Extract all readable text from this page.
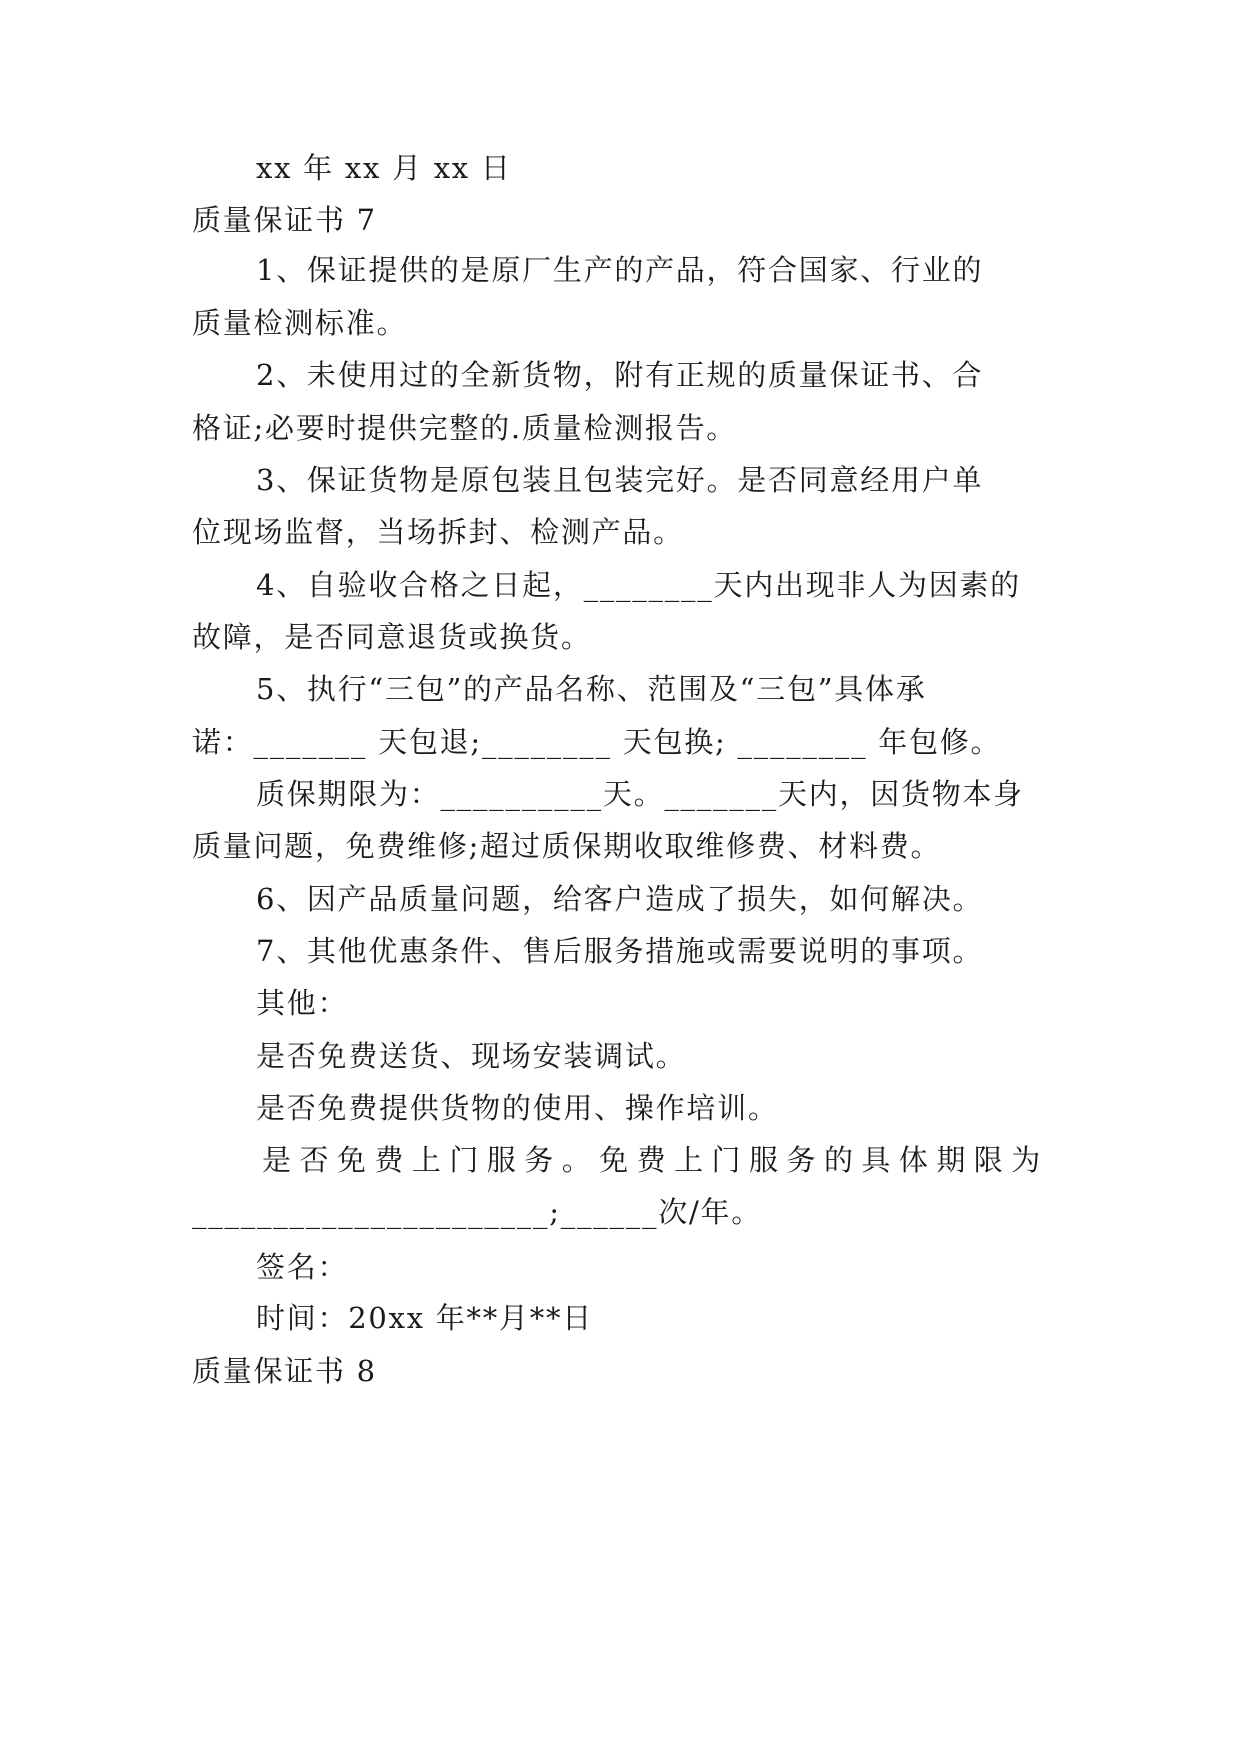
xx 年 xx 月 xx 日
质量保证书 7
1、保证提供的是原厂生产的产品，符合国家、行业的
质量检测标准。
2、未使用过的全新货物，附有正规的质量保证书、合
格证;必要时提供完整的.质量检测报告。
3、保证货物是原包装且包装完好。是否同意经用户单
位现场监督，当场拆封、检测产品。
4、自验收合格之日起，________天内出现非人为因素的
故障，是否同意退货或换货。
5、执行“三包”的产品名称、范围及“三包”具体承
诺：_______ 天包退;________ 天包换; ________ 年包修。
质保期限为：__________天。_______天内，因货物本身
质量问题，免费维修;超过质保期收取维修费、材料费。
6、因产品质量问题，给客户造成了损失，如何解决。
7、其他优惠条件、售后服务措施或需要说明的事项。
其他：
是否免费送货、现场安装调试。
是否免费提供货物的使用、操作培训。
是否免费上门服务。免费上门服务的具体期限为
______________________;______次/年。
签名：
时间：20xx 年**月**日
质量保证书 8
